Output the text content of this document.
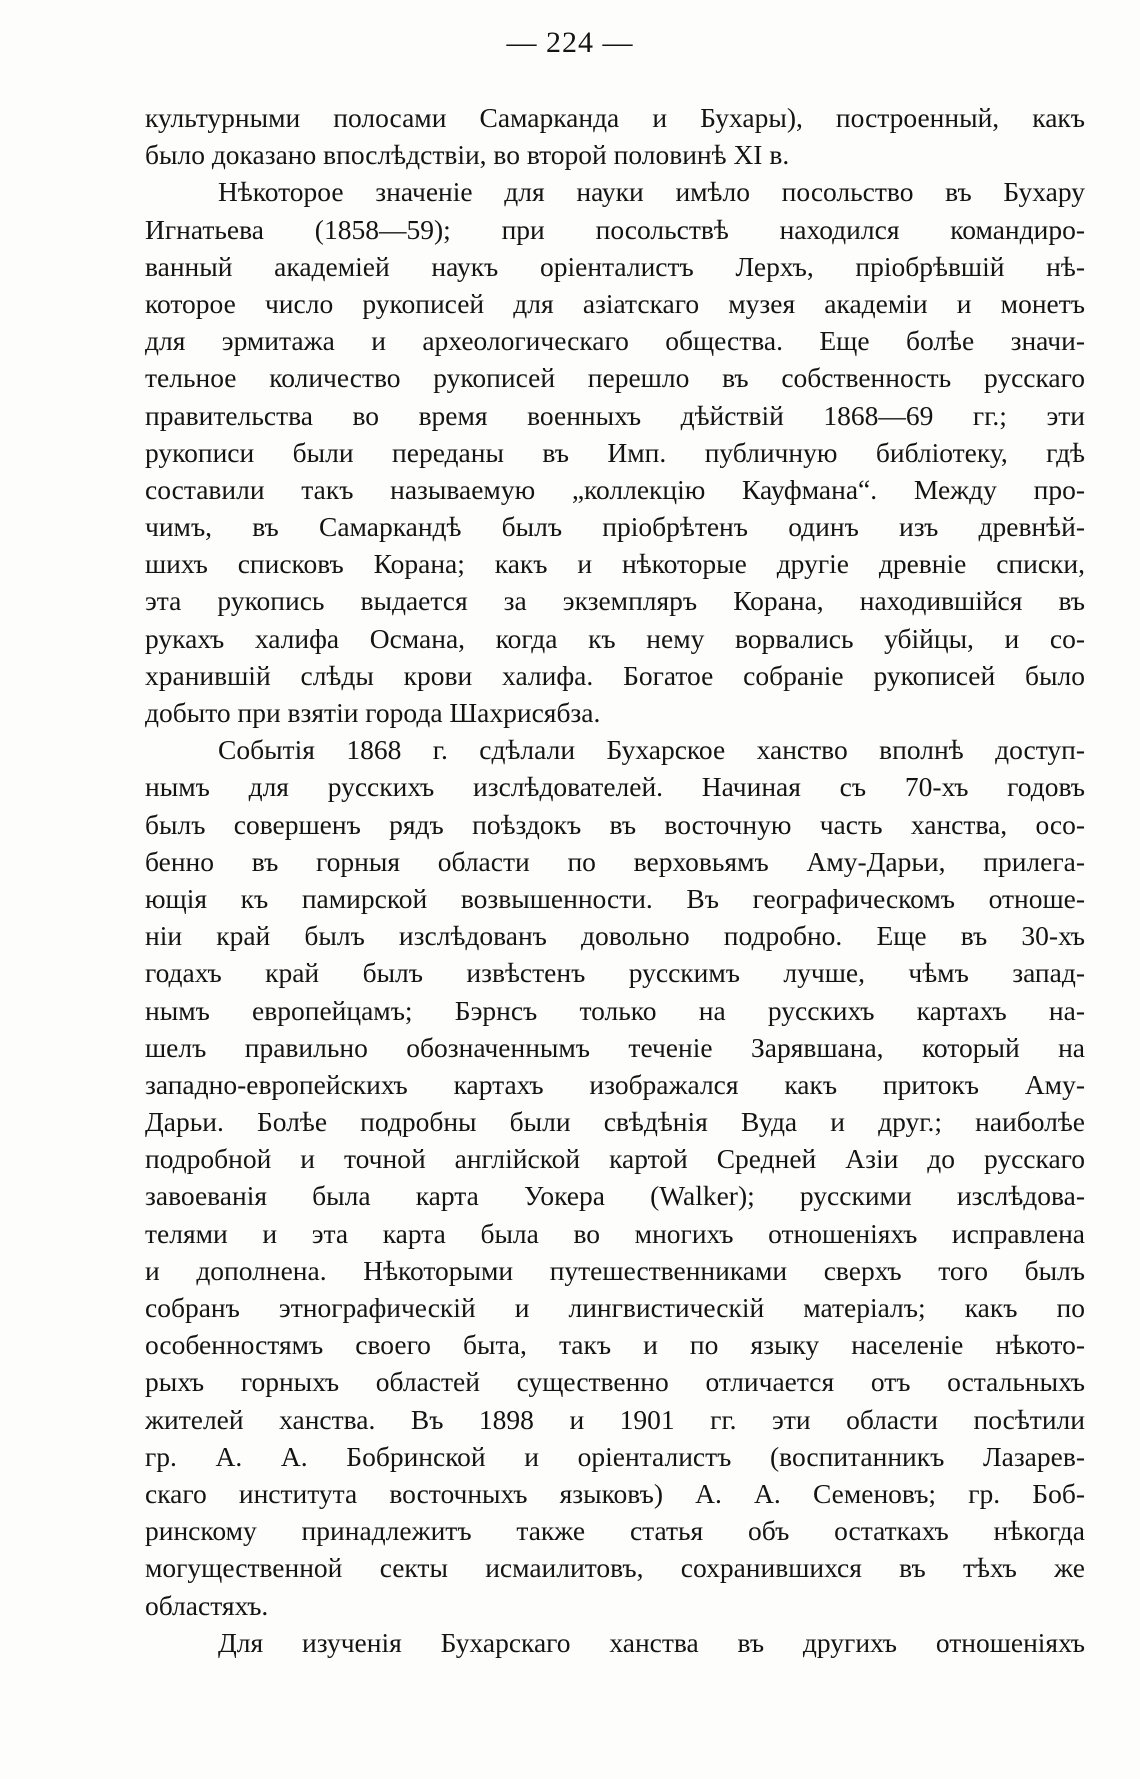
— 224 —
культурными полосами Самарканда и Бухары), построенный, какъ
было доказано впослѣдствіи, во второй половинѣ XI в.
Нѣкоторое значеніе для науки имѣло посольство въ Бухару
Игнатьева (1858—59); при посольствѣ находился командиро-
ванный академіей наукъ оріенталистъ Лерхъ, пріобрѣвшій нѣ-
которое число рукописей для азіатскаго музея академіи и монетъ
для эрмитажа и археологическаго общества. Еще болѣе значи-
тельное количество рукописей перешло въ собственность русскаго
правительства во время военныхъ дѣйствій 1868—69 гг.; эти
рукописи были переданы въ Имп. публичную библіотеку, гдѣ
составили такъ называемую „коллекцію Кауфмана“. Между про-
чимъ, въ Самаркандѣ былъ пріобрѣтенъ одинъ изъ древнѣй-
шихъ списковъ Корана; какъ и нѣкоторые другіе древніе списки,
эта рукопись выдается за экземпляръ Корана, находившійся въ
рукахъ халифа Османа, когда къ нему ворвались убійцы, и со-
хранившій слѣды крови халифа. Богатое собраніе рукописей было
добыто при взятіи города Шахрисябза.
Событія 1868 г. сдѣлали Бухарское ханство вполнѣ доступ-
нымъ для русскихъ изслѣдователей. Начиная съ 70-хъ годовъ
былъ совершенъ рядъ поѣздокъ въ восточную часть ханства, осо-
бенно въ горныя области по верховьямъ Аму-Дарьи, прилега-
ющія къ памирской возвышенности. Въ географическомъ отноше-
ніи край былъ изслѣдованъ довольно подробно. Еще въ 30-хъ
годахъ край былъ извѣстенъ русскимъ лучше, чѣмъ запад-
нымъ европейцамъ; Бэрнсъ только на русскихъ картахъ на-
шелъ правильно обозначеннымъ теченіе Зарявшана, который на
западно-европейскихъ картахъ изображался какъ притокъ Аму-
Дарьи. Болѣе подробны были свѣдѣнія Вуда и друг.; наиболѣе
подробной и точной англійской картой Средней Азіи до русскаго
завоеванія была карта Уокера (Walker); русскими изслѣдова-
телями и эта карта была во многихъ отношеніяхъ исправлена
и дополнена. Нѣкоторыми путешественниками сверхъ того былъ
собранъ этнографическій и лингвистическій матеріалъ; какъ по
особенностямъ своего быта, такъ и по языку населеніе нѣкото-
рыхъ горныхъ областей существенно отличается отъ остальныхъ
жителей ханства. Въ 1898 и 1901 гг. эти области посѣтили
гр. А. А. Бобринской и оріенталистъ (воспитанникъ Лазарев-
скаго института восточныхъ языковъ) А. А. Семеновъ; гр. Боб-
ринскому принадлежитъ также статья объ остаткахъ нѣкогда
могущественной секты исмаилитовъ, сохранившихся въ тѣхъ же
областяхъ.
Для изученія Бухарскаго ханства въ другихъ отношеніяхъ
